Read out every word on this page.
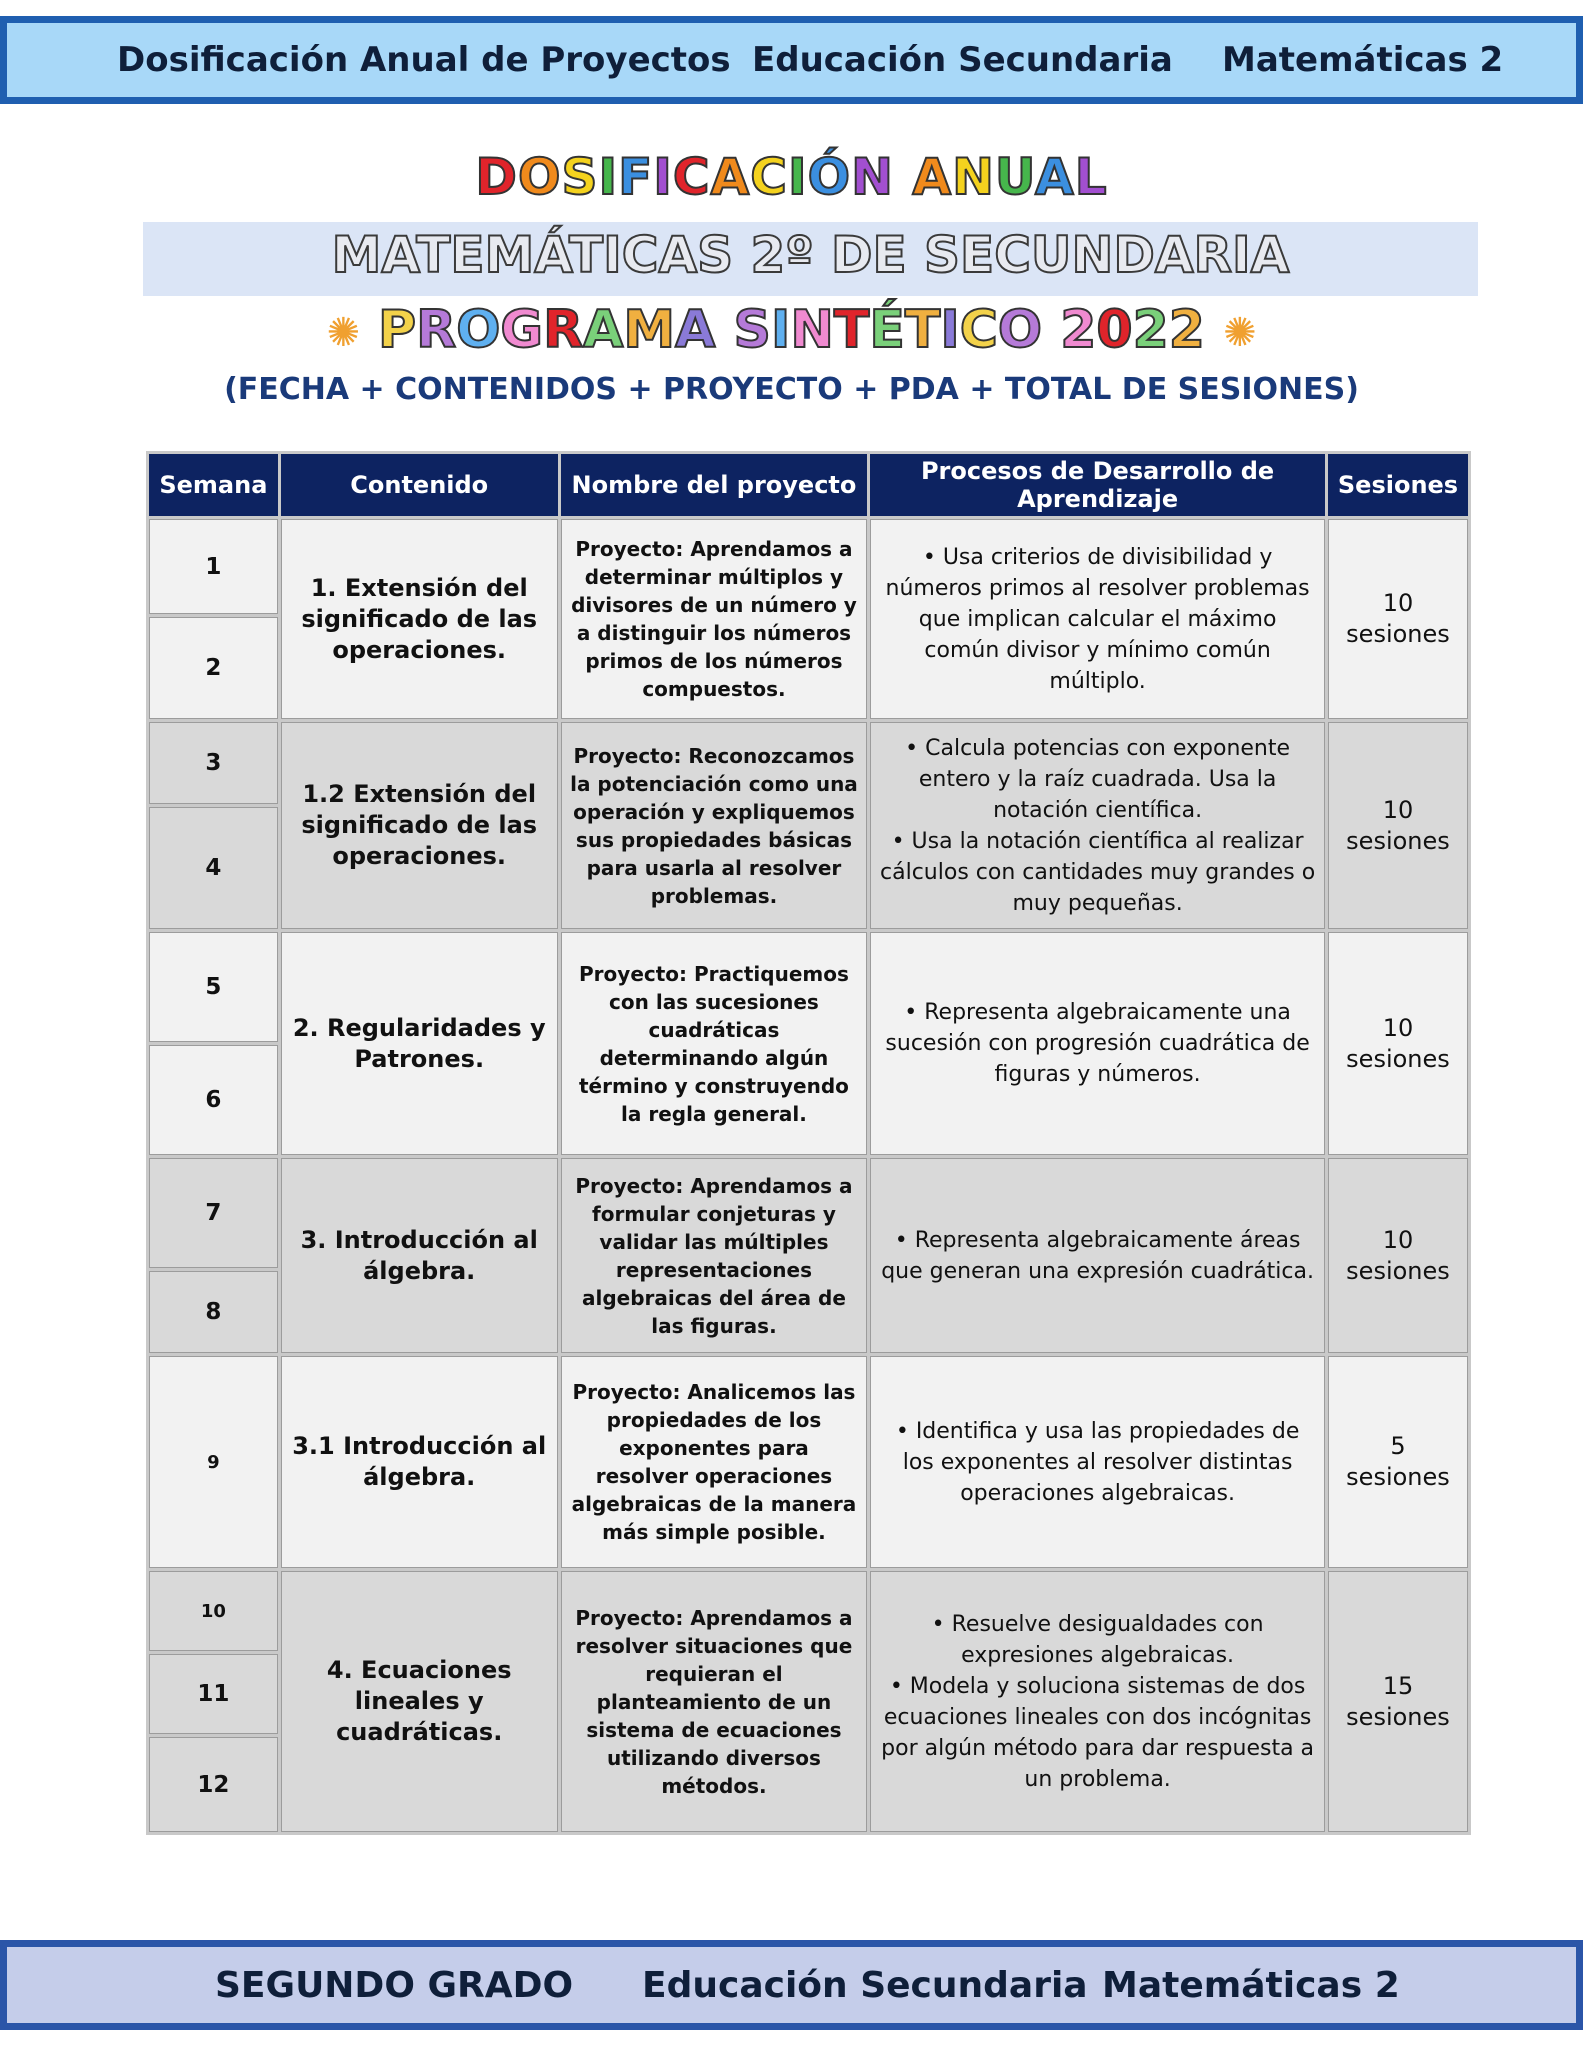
Dosificación Anual de Proyectos Educación Secundaria Matemáticas 2
DOSIFICACIÓN ANUAL
MATEMÁTICAS 2º DE SECUNDARIA
✺ PROGRAMA SINTÉTICO 2022 ✺
(FECHA + CONTENIDOS + PROYECTO + PDA + TOTAL DE SESIONES)
Semana	Contenido	Nombre del proyecto	Procesos de Desarrollo de Aprendizaje	Sesiones
1	1. Extensión del significado de las operaciones.	Proyecto: Aprendamos a determinar múltiplos y divisores de un número y a distinguir los números primos de los números compuestos.	• Usa criterios de divisibilidad y números primos al resolver problemas que implican calcular el máximo común divisor y mínimo común múltiplo.	10 sesiones
2				
3	1.2 Extensión del significado de las operaciones.	Proyecto: Reconozcamos la potenciación como una operación y expliquemos sus propiedades básicas para usarla al resolver problemas.	• Calcula potencias con exponente entero y la raíz cuadrada. Usa la notación científica.
• Usa la notación científica al realizar cálculos con cantidades muy grandes o muy pequeñas.	10 sesiones
4				
5	2. Regularidades y Patrones.	Proyecto: Practiquemos con las sucesiones cuadráticas determinando algún término y construyendo la regla general.	• Representa algebraicamente una sucesión con progresión cuadrática de figuras y números.	10 sesiones
6				
7	3. Introducción al álgebra.	Proyecto: Aprendamos a formular conjeturas y validar las múltiples representaciones algebraicas del área de las figuras.	• Representa algebraicamente áreas que generan una expresión cuadrática.	10 sesiones
8				
9	3.1 Introducción al álgebra.	Proyecto: Analicemos las propiedades de los exponentes para resolver operaciones algebraicas de la manera más simple posible.	• Identifica y usa las propiedades de los exponentes al resolver distintas operaciones algebraicas.	5 sesiones
10	4. Ecuaciones lineales y cuadráticas.	Proyecto: Aprendamos a resolver situaciones que requieran el planteamiento de un sistema de ecuaciones utilizando diversos métodos.	• Resuelve desigualdades con expresiones algebraicas.
• Modela y soluciona sistemas de dos ecuaciones lineales con dos incógnitas por algún método para dar respuesta a un problema.	15 sesiones
11				
12				
SEGUNDO GRADO Educación Secundaria Matemáticas 2
